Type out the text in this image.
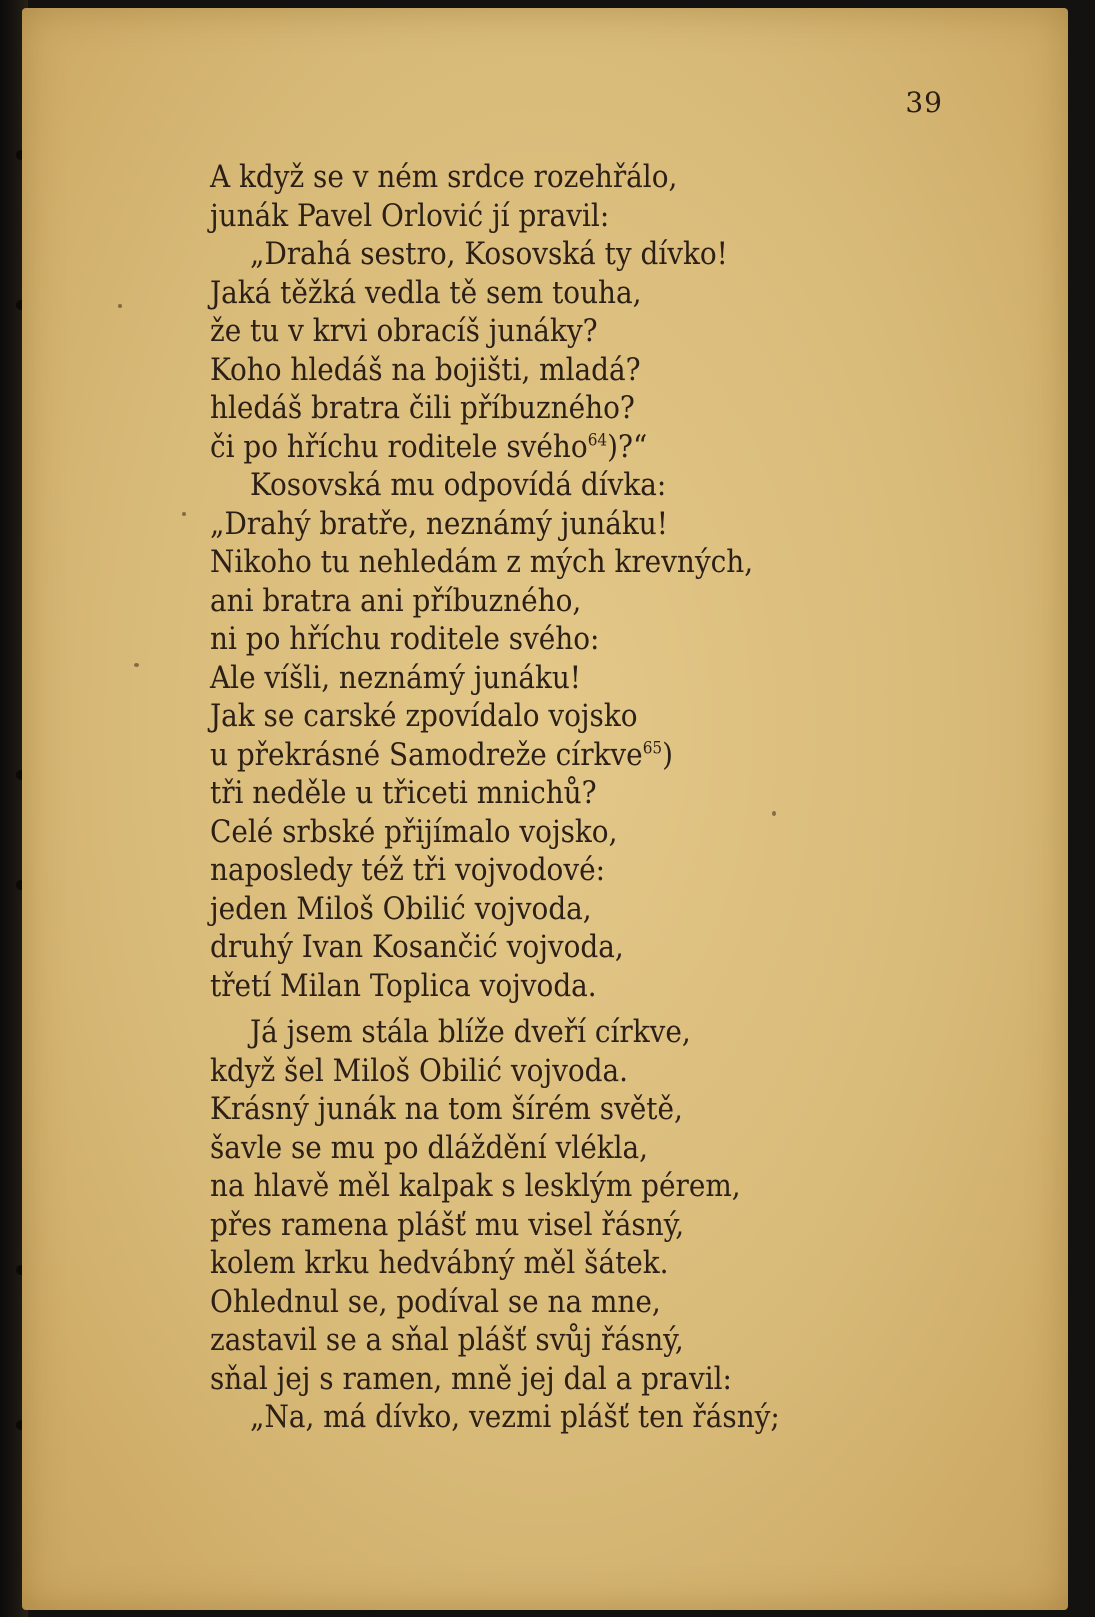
39
A když se v ném srdce rozehřálo,
junák Pavel Orlović jí pravil:
„Drahá sestro, Kosovská ty dívko!
Jaká těžká vedla tě sem touha,
že tu v krvi obracíš junáky?
Koho hledáš na bojišti, mladá?
hledáš bratra čili příbuzného?
či po hříchu roditele svého$^{64}$)?“
Kosovská mu odpovídá dívka:
„Drahý bratře, neznámý junáku!
Nikoho tu nehledám z mých krevných,
ani bratra ani příbuzného,
ni po hříchu roditele svého:
Ale víšli, neznámý junáku!
Jak se carské zpovídalo vojsko
u překrásné Samodreže církve$^{65}$)
tři neděle u třiceti mnichů?
Celé srbské přijímalo vojsko,
naposledy též tři vojvodové:
jeden Miloš Obilić vojvoda,
druhý Ivan Kosančić vojvoda,
třetí Milan Toplica vojvoda.
Já jsem stála blíže dveří církve,
když šel Miloš Obilić vojvoda.
Krásný junák na tom šírém světě,
šavle se mu po dláždění vlékla,
na hlavě měl kalpak s lesklým pérem,
přes ramena plášť mu visel řásný,
kolem krku hedvábný měl šátek.
Ohlednul se, podíval se na mne,
zastavil se a sňal plášť svůj řásný,
sňal jej s ramen, mně jej dal a pravil:
„Na, má dívko, vezmi plášť ten řásný;
